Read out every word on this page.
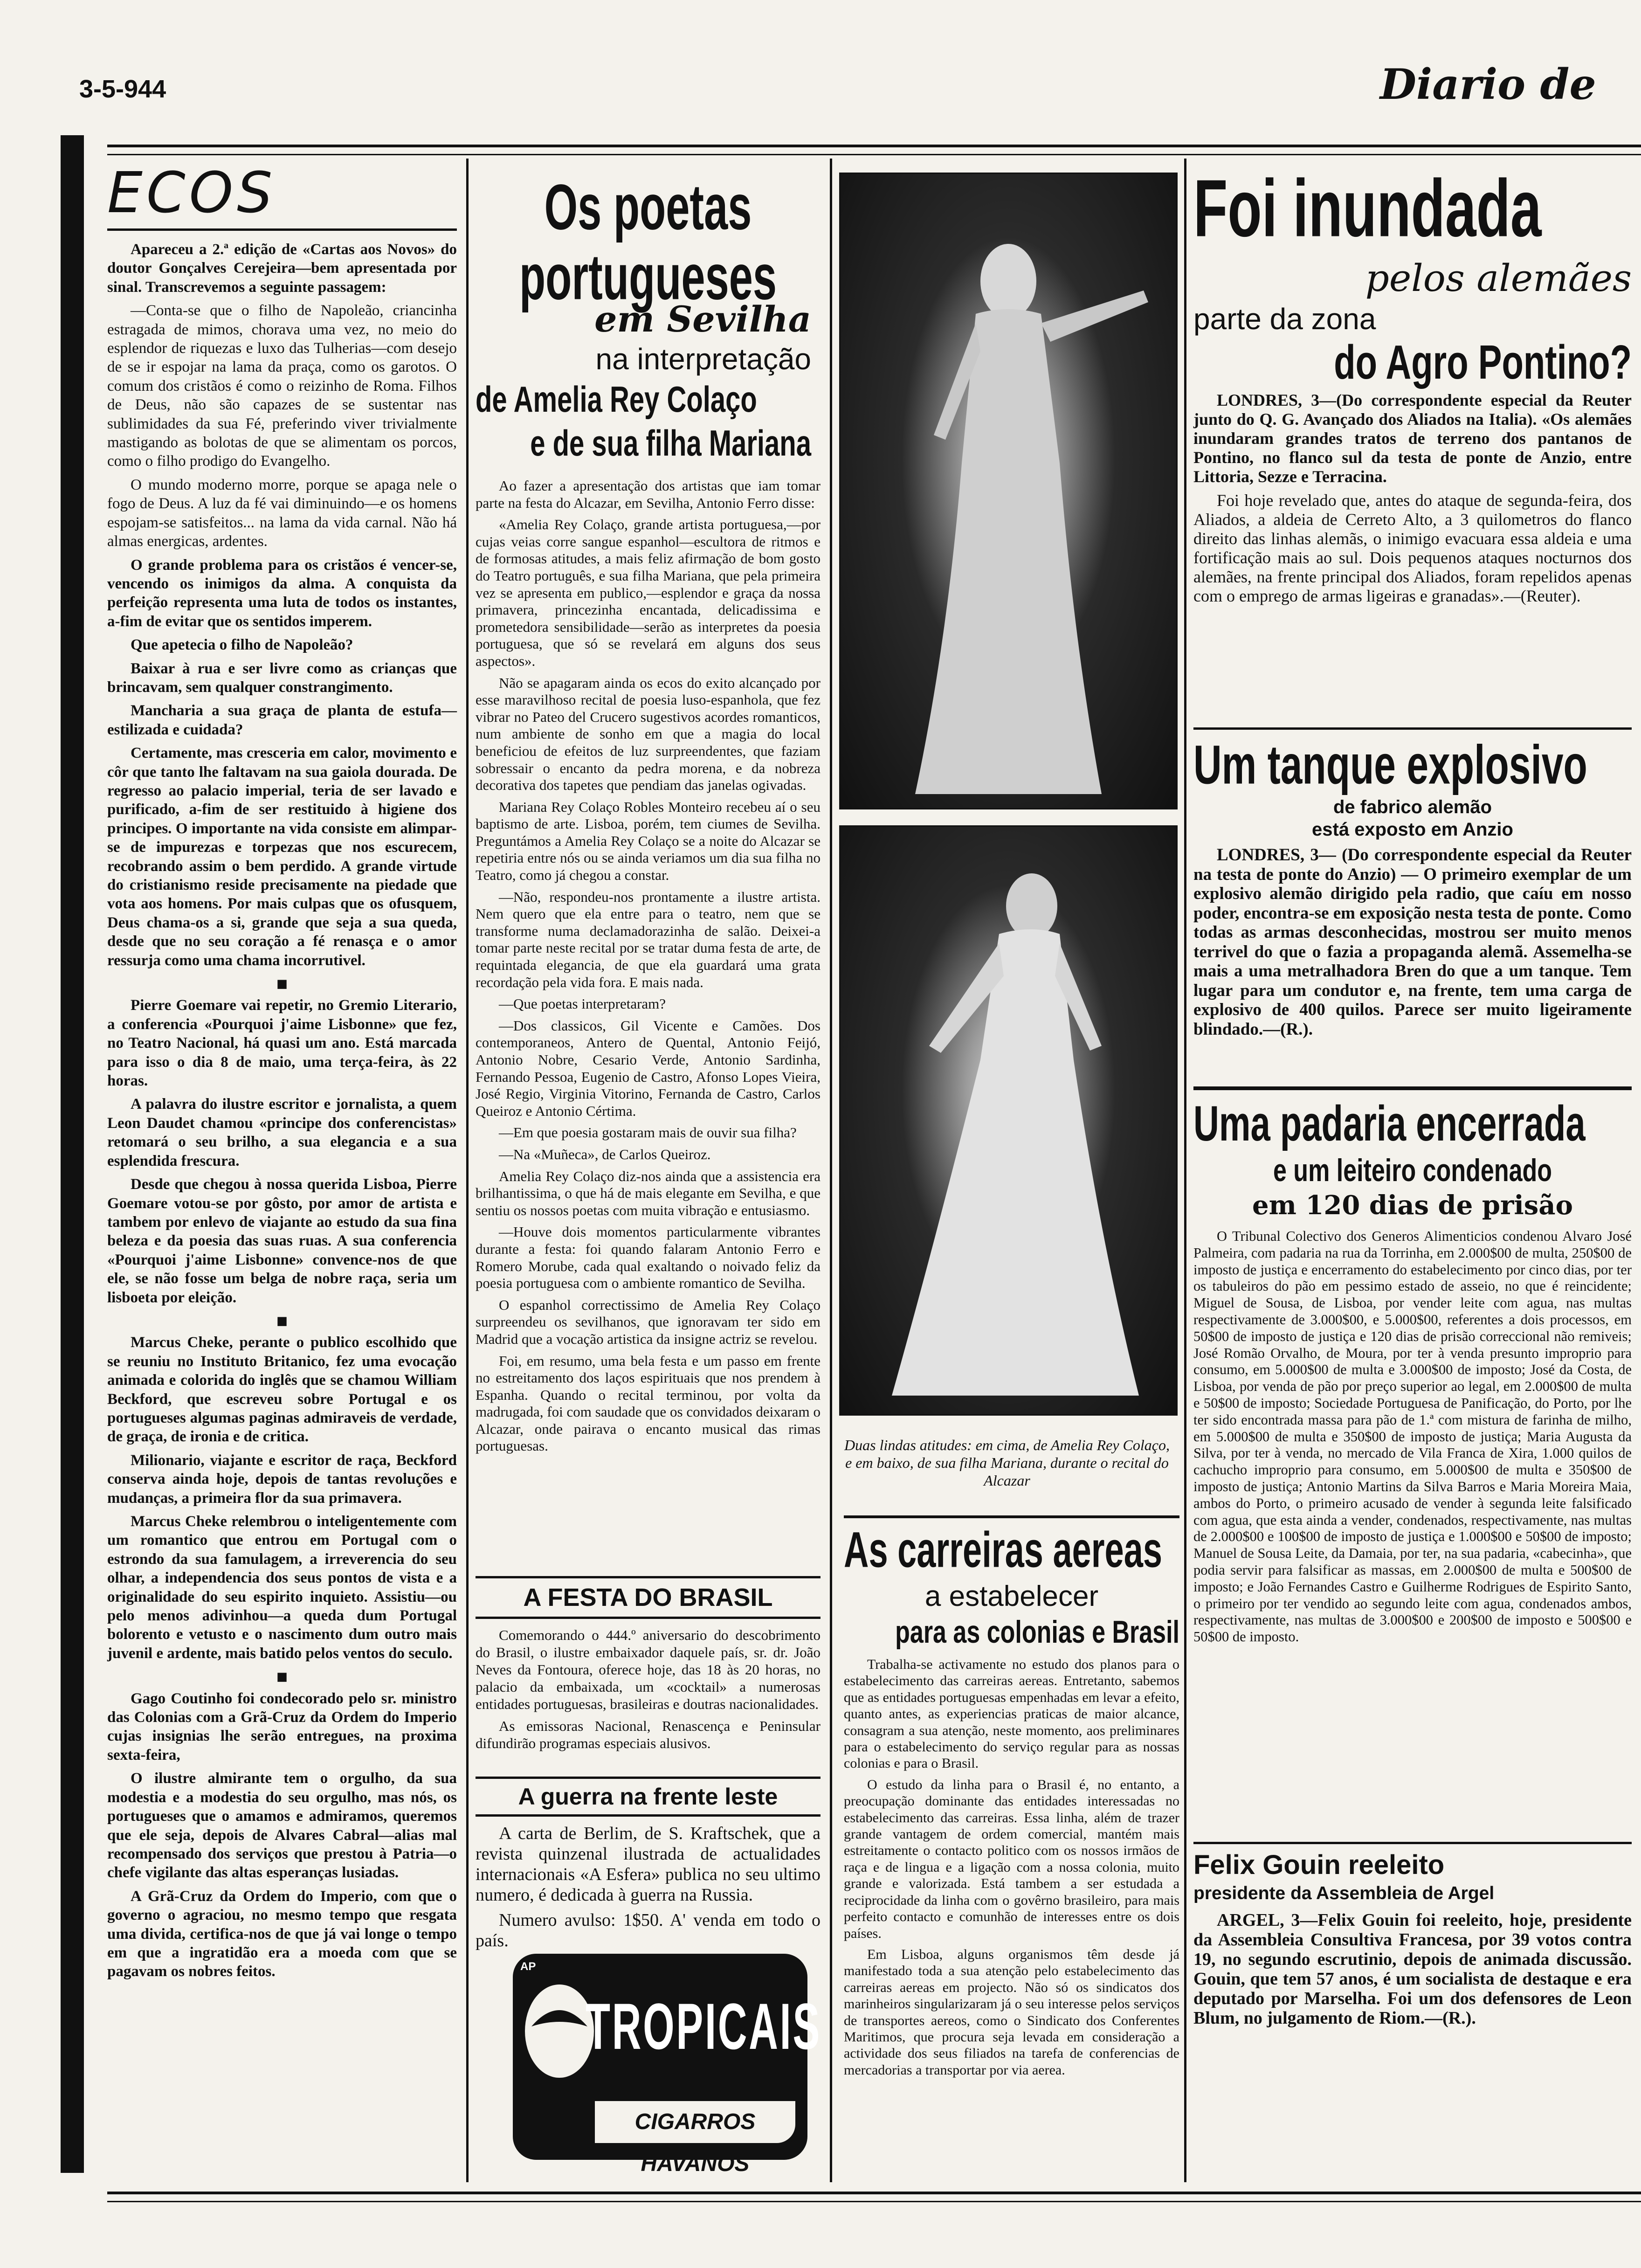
3-5-944	Diario de
ECOS

Apareceu a 2.ª edição de «Cartas aos Novos» do doutor Gonçalves Cerejeira—bem apresentada por sinal. Transcrevemos a seguinte passagem:

—Conta-se que o filho de Napoleão, criancinha estragada de mimos, chorava uma vez, no meio do esplendor de riquezas e luxo das Tulherias—com desejo de se ir espojar na lama da praça, como os garotos. O comum dos cristãos é como o reizinho de Roma. Filhos de Deus, não são capazes de se sustentar nas sublimidades da sua Fé, preferindo viver trivialmente mastigando as bolotas de que se alimentam os porcos, como o filho prodigo do Evangelho.

O mundo moderno morre, porque se apaga nele o fogo de Deus. A luz da fé vai diminuindo—e os homens espojam-se satisfeitos... na lama da vida carnal. Não há almas energicas, ardentes.

O grande problema para os cristãos é vencer-se, vencendo os inimigos da alma. A conquista da perfeição representa uma luta de todos os instantes, a-fim de evitar que os sentidos imperem.

Que apetecia o filho de Napoleão?

Baixar à rua e ser livre como as crianças que brincavam, sem qualquer constrangimento.

Mancharia a sua graça de planta de estufa—estilizada e cuidada?

Certamente, mas cresceria em calor, movimento e côr que tanto lhe faltavam na sua gaiola dourada. De regresso ao palacio imperial, teria de ser lavado e purificado, a-fim de ser restituido à higiene dos principes. O importante na vida consiste em alimpar-se de impurezas e torpezas que nos escurecem, recobrando assim o bem perdido. A grande virtude do cristianismo reside precisamente na piedade que vota aos homens. Por mais culpas que os ofusquem, Deus chama-os a si, grande que seja a sua queda, desde que no seu coração a fé renasça e o amor ressurja como uma chama incorrutivel.

■

Pierre Goemare vai repetir, no Gremio Literario, a conferencia «Pourquoi j'aime Lisbonne» que fez, no Teatro Nacional, há quasi um ano. Está marcada para isso o dia 8 de maio, uma terça-feira, às 22 horas.

A palavra do ilustre escritor e jornalista, a quem Leon Daudet chamou «principe dos conferencistas» retomará o seu brilho, a sua elegancia e a sua esplendida frescura.

Desde que chegou à nossa querida Lisboa, Pierre Goemare votou-se por gôsto, por amor de artista e tambem por enlevo de viajante ao estudo da sua fina beleza e da poesia das suas ruas. A sua conferencia «Pourquoi j'aime Lisbonne» convence-nos de que ele, se não fosse um belga de nobre raça, seria um lisboeta por eleição.

■

Marcus Cheke, perante o publico escolhido que se reuniu no Instituto Britanico, fez uma evocação animada e colorida do inglês que se chamou William Beckford, que escreveu sobre Portugal e os portugueses algumas paginas admiraveis de verdade, de graça, de ironia e de critica.

Milionario, viajante e escritor de raça, Beckford conserva ainda hoje, depois de tantas revoluções e mudanças, a primeira flor da sua primavera.

Marcus Cheke relembrou o inteligentemente com um romantico que entrou em Portugal com o estrondo da sua famulagem, a irreverencia do seu olhar, a independencia dos seus pontos de vista e a originalidade do seu espirito inquieto. Assistiu—ou pelo menos adivinhou—a queda dum Portugal bolorento e vetusto e o nascimento dum outro mais juvenil e ardente, mais batido pelos ventos do seculo.

■

Gago Coutinho foi condecorado pelo sr. ministro das Colonias com a Grã-Cruz da Ordem do Imperio cujas insignias lhe serão entregues, na proxima sexta-feira,

O ilustre almirante tem o orgulho, da sua modestia e a modestia do seu orgulho, mas nós, os portugueses que o amamos e admiramos, queremos que ele seja, depois de Alvares Cabral—alias mal recompensado dos serviços que prestou à Patria—o chefe vigilante das altas esperanças lusiadas.

A Grã-Cruz da Ordem do Imperio, com que o governo o agraciou, no mesmo tempo que resgata uma divida, certifica-nos de que já vai longe o tempo em que a ingratidão era a moeda com que se pagavam os nobres feitos.

Os poetas portugueses
em Sevilha
na interpretação
de Amelia Rey Colaço
e de sua filha Mariana

Ao fazer a apresentação dos artistas que iam tomar parte na festa do Alcazar, em Sevilha, Antonio Ferro disse:

«Amelia Rey Colaço, grande artista portuguesa,—por cujas veias corre sangue espanhol—escultora de ritmos e de formosas atitudes, a mais feliz afirmação de bom gosto do Teatro português, e sua filha Mariana, que pela primeira vez se apresenta em publico,—esplendor e graça da nossa primavera, princezinha encantada, delicadissima e prometedora sensibilidade—serão as interpretes da poesia portuguesa, que só se revelará em alguns dos seus aspectos».

Não se apagaram ainda os ecos do exito alcançado por esse maravilhoso recital de poesia luso-espanhola, que fez vibrar no Pateo del Crucero sugestivos acordes romanticos, num ambiente de sonho em que a magia do local beneficiou de efeitos de luz surpreendentes, que faziam sobressair o encanto da pedra morena, e da nobreza decorativa dos tapetes que pendiam das janelas ogivadas.

Mariana Rey Colaço Robles Monteiro recebeu aí o seu baptismo de arte. Lisboa, porém, tem ciumes de Sevilha. Preguntámos a Amelia Rey Colaço se a noite do Alcazar se repetiria entre nós ou se ainda veriamos um dia sua filha no Teatro, como já chegou a constar.

—Não, respondeu-nos prontamente a ilustre artista. Nem quero que ela entre para o teatro, nem que se transforme numa declamadorazinha de salão. Deixei-a tomar parte neste recital por se tratar duma festa de arte, de requintada elegancia, de que ela guardará uma grata recordação pela vida fora. E mais nada.

—Que poetas interpretaram?

—Dos classicos, Gil Vicente e Camões. Dos contemporaneos, Antero de Quental, Antonio Feijó, Antonio Nobre, Cesario Verde, Antonio Sardinha, Fernando Pessoa, Eugenio de Castro, Afonso Lopes Vieira, José Regio, Virginia Vitorino, Fernanda de Castro, Carlos Queiroz e Antonio Cértima.

—Em que poesia gostaram mais de ouvir sua filha?

—Na «Muñeca», de Carlos Queiroz.

Amelia Rey Colaço diz-nos ainda que a assistencia era brilhantissima, o que há de mais elegante em Sevilha, e que sentiu os nossos poetas com muita vibração e entusiasmo.

—Houve dois momentos particularmente vibrantes durante a festa: foi quando falaram Antonio Ferro e Romero Morube, cada qual exaltando o noivado feliz da poesia portuguesa com o ambiente romantico de Sevilha.

O espanhol correctissimo de Amelia Rey Colaço surpreendeu os sevilhanos, que ignoravam ter sido em Madrid que a vocação artistica da insigne actriz se revelou.

Foi, em resumo, uma bela festa e um passo em frente no estreitamento dos laços espirituais que nos prendem à Espanha. Quando o recital terminou, por volta da madrugada, foi com saudade que os convidados deixaram o Alcazar, onde pairava o encanto musical das rimas portuguesas.

A FESTA DO BRASIL

Comemorando o 444.º aniversario do descobrimento do Brasil, o ilustre embaixador daquele país, sr. dr. João Neves da Fontoura, oferece hoje, das 18 às 20 horas, no palacio da embaixada, um «cocktail» a numerosas entidades portuguesas, brasileiras e doutras nacionalidades.

As emissoras Nacional, Renascença e Peninsular difundirão programas especiais alusivos.

A guerra na frente leste

A carta de Berlim, de S. Kraftschek, que a revista quinzenal ilustrada de actualidades internacionais «A Esfera» publica no seu ultimo numero, é dedicada à guerra na Russia.

Numero avulso: 1$50. A' venda em todo o país.

AP
TROPICAIS
CIGARROS HAVANOS
Duas lindas atitudes: em cima, de Amelia Rey Colaço, e em baixo, de sua filha Mariana, durante o recital do Alcazar
As carreiras aereas
a estabelecer
para as colonias e Brasil

Trabalha-se activamente no estudo dos planos para o estabelecimento das carreiras aereas. Entretanto, sabemos que as entidades portuguesas empenhadas em levar a efeito, quanto antes, as experiencias praticas de maior alcance, consagram a sua atenção, neste momento, aos preliminares para o estabelecimento do serviço regular para as nossas colonias e para o Brasil.

O estudo da linha para o Brasil é, no entanto, a preocupação dominante das entidades interessadas no estabelecimento das carreiras. Essa linha, além de trazer grande vantagem de ordem comercial, mantém mais estreitamente o contacto politico com os nossos irmãos de raça e de lingua e a ligação com a nossa colonia, muito grande e valorizada. Está tambem a ser estudada a reciprocidade da linha com o govêrno brasileiro, para mais perfeito contacto e comunhão de interesses entre os dois países.

Em Lisboa, alguns organismos têm desde já manifestado toda a sua atenção pelo estabelecimento das carreiras aereas em projecto. Não só os sindicatos dos marinheiros singularizaram já o seu interesse pelos serviços de transportes aereos, como o Sindicato dos Conferentes Maritimos, que procura seja levada em consideração a actividade dos seus filiados na tarefa de conferencias de mercadorias a transportar por via aerea.

Foi inundada
pelos alemães
parte da zona
do Agro Pontino?

LONDRES, 3—(Do correspondente especial da Reuter junto do Q. G. Avançado dos Aliados na Italia). «Os alemães inundaram grandes tratos de terreno dos pantanos de Pontino, no flanco sul da testa de ponte de Anzio, entre Littoria, Sezze e Terracina.

Foi hoje revelado que, antes do ataque de segunda-feira, dos Aliados, a aldeia de Cerreto Alto, a 3 quilometros do flanco direito das linhas alemãs, o inimigo evacuara essa aldeia e uma fortificação mais ao sul. Dois pequenos ataques nocturnos dos alemães, na frente principal dos Aliados, foram repelidos apenas com o emprego de armas ligeiras e granadas».—(Reuter).

Um tanque explosivo
de fabrico alemão
está exposto em Anzio

LONDRES, 3— (Do correspondente especial da Reuter na testa de ponte do Anzio) — O primeiro exemplar de um explosivo alemão dirigido pela radio, que caíu em nosso poder, encontra-se em exposição nesta testa de ponte. Como todas as armas desconhecidas, mostrou ser muito menos terrivel do que o fazia a propaganda alemã. Assemelha-se mais a uma metralhadora Bren do que a um tanque. Tem lugar para um condutor e, na frente, tem uma carga de explosivo de 400 quilos. Parece ser muito ligeiramente blindado.—(R.).

Uma padaria encerrada
e um leiteiro condenado
em 120 dias de prisão

O Tribunal Colectivo dos Generos Alimenticios condenou Alvaro José Palmeira, com padaria na rua da Torrinha, em 2.000$00 de multa, 250$00 de imposto de justiça e encerramento do estabelecimento por cinco dias, por ter os tabuleiros do pão em pessimo estado de asseio, no que é reincidente; Miguel de Sousa, de Lisboa, por vender leite com agua, nas multas respectivamente de 3.000$00, e 5.000$00, referentes a dois processos, em 50$00 de imposto de justiça e 120 dias de prisão correccional não remiveis; José Romão Orvalho, de Moura, por ter à venda presunto improprio para consumo, em 5.000$00 de multa e 3.000$00 de imposto; José da Costa, de Lisboa, por venda de pão por preço superior ao legal, em 2.000$00 de multa e 50$00 de imposto; Sociedade Portuguesa de Panificação, do Porto, por lhe ter sido encontrada massa para pão de 1.ª com mistura de farinha de milho, em 5.000$00 de multa e 350$00 de imposto de justiça; Maria Augusta da Silva, por ter à venda, no mercado de Vila Franca de Xira, 1.000 quilos de cachucho improprio para consumo, em 5.000$00 de multa e 350$00 de imposto de justiça; Antonio Martins da Silva Barros e Maria Moreira Maia, ambos do Porto, o primeiro acusado de vender à segunda leite falsificado com agua, que esta ainda a vender, condenados, respectivamente, nas multas de 2.000$00 e 100$00 de imposto de justiça e 1.000$00 e 50$00 de imposto; Manuel de Sousa Leite, da Damaia, por ter, na sua padaria, «cabecinha», que podia servir para falsificar as massas, em 2.000$00 de multa e 500$00 de imposto; e João Fernandes Castro e Guilherme Rodrigues de Espirito Santo, o primeiro por ter vendido ao segundo leite com agua, condenados ambos, respectivamente, nas multas de 3.000$00 e 200$00 de imposto e 500$00 e 50$00 de imposto.

Felix Gouin reeleito
presidente da Assembleia de Argel

ARGEL, 3—Felix Gouin foi reeleito, hoje, presidente da Assembleia Consultiva Francesa, por 39 votos contra 19, no segundo escrutinio, depois de animada discussão. Gouin, que tem 57 anos, é um socialista de destaque e era deputado por Marselha. Foi um dos defensores de Leon Blum, no julgamento de Riom.—(R.).
